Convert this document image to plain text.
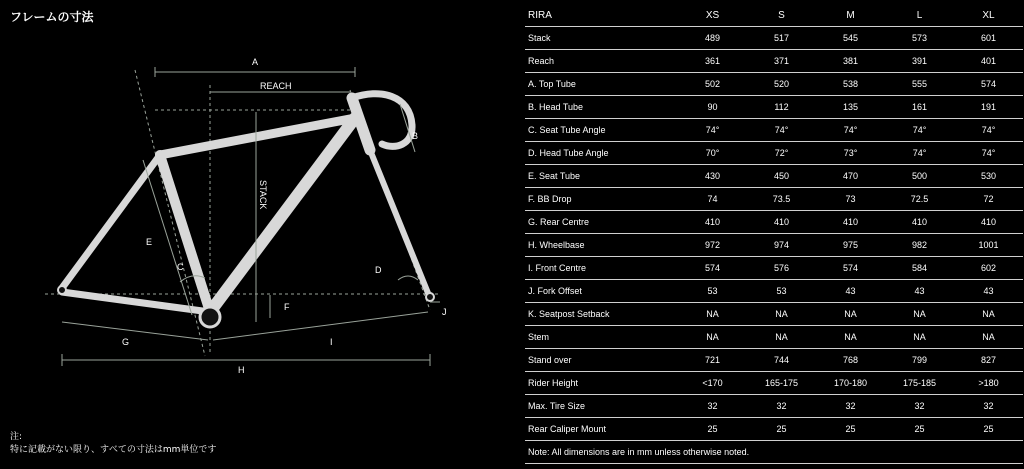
フレームの寸法
A
REACH
STACK
B
E
C	D
F	J
G	I
H
注:
特に記載がない限り、すべての寸法はmm単位です
RIRA	XS	S	M	L	XL
Stack	489	517	545	573	601
Reach	361	371	381	391	401
A. Top Tube	502	520	538	555	574
B. Head Tube	90	112	135	161	191
C. Seat Tube Angle	74°	74°	74°	74°	74°
D. Head Tube Angle	70°	72°	73°	74°	74°
E. Seat Tube	430	450	470	500	530
F. BB Drop	74	73.5	73	72.5	72
G. Rear Centre	410	410	410	410	410
H. Wheelbase	972	974	975	982	1001
I. Front Centre	574	576	574	584	602
J. Fork Offset	53	53	43	43	43
K. Seatpost Setback	NA	NA	NA	NA	NA
Stem	NA	NA	NA	NA	NA
Stand over	721	744	768	799	827
Rider Height	<170	165-175	170-180	175-185	>180
Max. Tire Size	32	32	32	32	32
Rear Caliper Mount	25	25	25	25	25
Note: All dimensions are in mm unless otherwise noted.					
